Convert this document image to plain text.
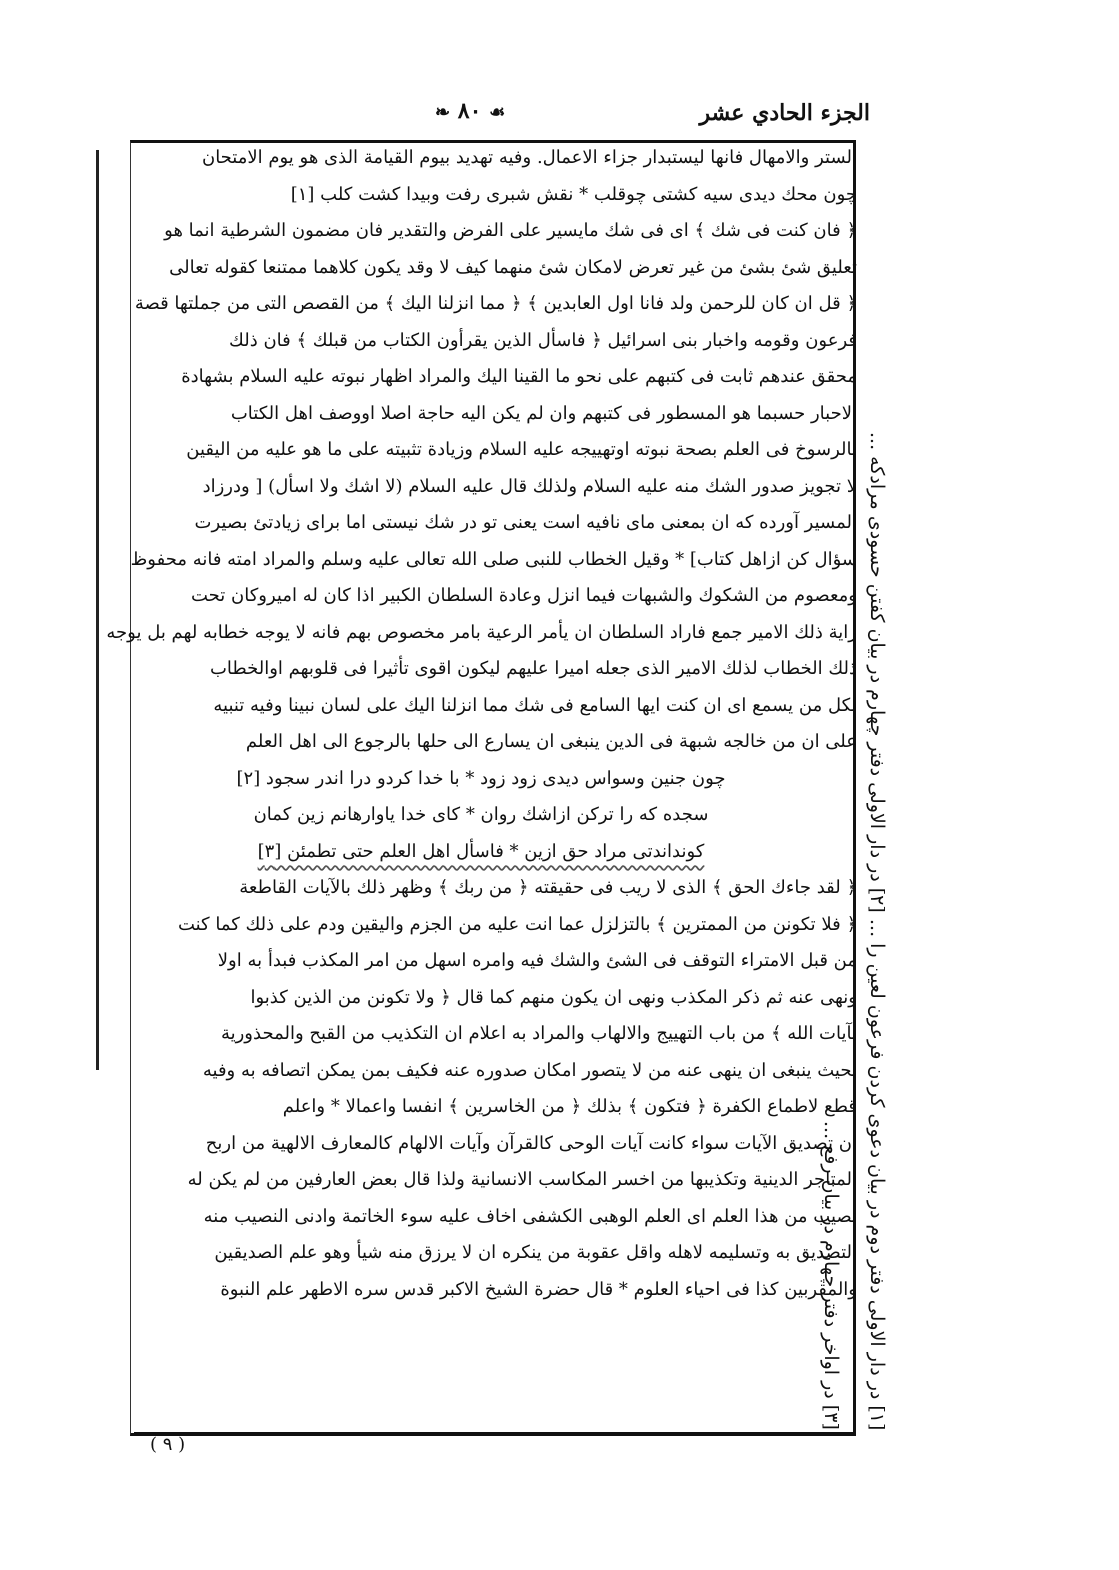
الجزء الحادي عشر
❧ ٨٠ ☙
الستر والامهال فانها ليستبدار جزاء الاعمال. وفيه تهديد بيوم القيامة الذى هو يوم الامتحان
چون محك ديدى سيه كشتى چوقلب * نقش شبرى رفت وبيدا كشت كلب [١]
﴿ فان كنت فى شك ﴾ اى فى شك مايسير على الفرض والتقدير فان مضمون الشرطية انما هو
تعليق شئ بشئ من غير تعرض لامكان شئ منهما كيف لا وقد يكون كلاهما ممتنعا كقوله تعالى
﴿ قل ان كان للرحمن ولد فانا اول العابدين ﴾ ﴿ مما انزلنا اليك ﴾ من القصص التى من جملتها قصة
فرعون وقومه واخبار بنى اسرائيل ﴿ فاسأل الذين يقرأون الكتاب من قبلك ﴾ فان ذلك
محقق عندهم ثابت فى كتبهم على نحو ما القينا اليك والمراد اظهار نبوته عليه السلام بشهادة
الاحبار حسبما هو المسطور فى كتبهم وان لم يكن اليه حاجة اصلا اووصف اهل الكتاب
بالرسوخ فى العلم بصحة نبوته اوتهييجه عليه السلام وزيادة تثبيته على ما هو عليه من اليقين
لا تجويز صدور الشك منه عليه السلام ولذلك قال عليه السلام (لا اشك ولا اسأل) [ ودرزاد
المسير آورده كه ان بمعنى ماى نافيه است يعنى تو در شك نيستى اما براى زيادتئ بصيرت
سؤال كن ازاهل كتاب] * وقيل الخطاب للنبى صلى الله تعالى عليه وسلم والمراد امته فانه محفوظ
ومعصوم من الشكوك والشبهات فيما انزل وعادة السلطان الكبير اذا كان له اميروكان تحت
راية ذلك الامير جمع فاراد السلطان ان يأمر الرعية بامر مخصوص بهم فانه لا يوجه خطابه لهم بل يوجه
ذلك الخطاب لذلك الامير الذى جعله اميرا عليهم ليكون اقوى تأثيرا فى قلوبهم اوالخطاب
لكل من يسمع اى ان كنت ايها السامع فى شك مما انزلنا اليك على لسان نبينا وفيه تنبيه
على ان من خالجه شبهة فى الدين ينبغى ان يسارع الى حلها بالرجوع الى اهل العلم
چون جنين وسواس ديدى زود زود * با خدا كردو درا اندر سجود [٢]
سجده كه را تركن ازاشك روان * كاى خدا ياوارهانم زين كمان
كونداندتى مراد حق ازين * فاسأل اهل العلم حتى تطمئن [٣]
﴿ لقد جاءك الحق ﴾ الذى لا ريب فى حقيقته ﴿ من ربك ﴾ وظهر ذلك بالآيات القاطعة
﴿ فلا تكونن من الممترين ﴾ بالتزلزل عما انت عليه من الجزم واليقين ودم على ذلك كما كنت
من قبل الامتراء التوقف فى الشئ والشك فيه وامره اسهل من امر المكذب فبدأ به اولا
ونهى عنه ثم ذكر المكذب ونهى ان يكون منهم كما قال ﴿ ولا تكونن من الذين كذبوا
بآيات الله ﴾ من باب التهييج والالهاب والمراد به اعلام ان التكذيب من القبح والمحذورية
بحيث ينبغى ان ينهى عنه من لا يتصور امكان صدوره عنه فكيف بمن يمكن اتصافه به وفيه
قطع لاطماع الكفرة ﴿ فتكون ﴾ بذلك ﴿ من الخاسرين ﴾ انفسا واعمالا * واعلم
ان تصديق الآيات سواء كانت آيات الوحى كالقرآن وآيات الالهام كالمعارف الالهية من اربح
المتاجر الدينية وتكذيبها من اخسر المكاسب الانسانية ولذا قال بعض العارفين من لم يكن له
نصيب من هذا العلم اى العلم الوهبى الكشفى اخاف عليه سوء الخاتمة وادنى النصيب منه
التصديق به وتسليمه لاهله واقل عقوبة من ينكره ان لا يرزق منه شيأ وهو علم الصديقين
والمقربين كذا فى احياء العلوم * قال حضرة الشيخ الاكبر قدس سره الاطهر علم النبوة [١] در دار الاولى دفتر دوم در بيان دعوى كردن فرعون لعين را ... [٢] در دار الاولى دفتر چهارم در بيان كفتن حسودى مرادكه ... [٣] در اواخر دفتر چهارم در بيان رفع ...
( ٩ )
